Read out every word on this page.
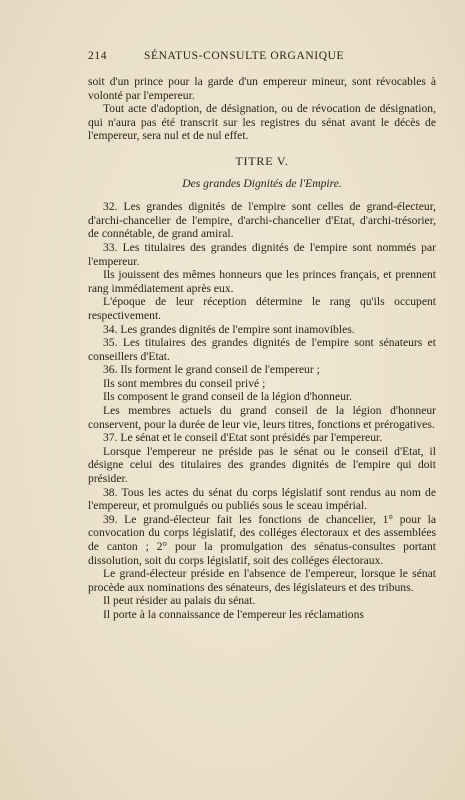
214	SÉNATUS-CONSULTE ORGANIQUE

soit d'un prince pour la garde d'un empereur mineur, sont révocables à volonté par l'empereur.

Tout acte d'adoption, de désignation, ou de révocation de désignation, qui n'aura pas été transcrit sur les registres du sénat avant le décès de l'empereur, sera nul et de nul effet.

TITRE V.

Des grandes Dignités de l'Empire.

32. Les grandes dignités de l'empire sont celles de grand-électeur, d'archi-chancelier de l'empire, d'archi-chancelier d'Etat, d'archi-trésorier, de connétable, de grand amiral.

33. Les titulaires des grandes dignités de l'empire sont nommés par l'empereur.

Ils jouissent des mêmes honneurs que les princes français, et prennent rang immédiatement après eux.

L'époque de leur réception détermine le rang qu'ils occupent respectivement.

34. Les grandes dignités de l'empire sont inamovibles.

35. Les titulaires des grandes dignités de l'empire sont sénateurs et conseillers d'Etat.

36. Ils forment le grand conseil de l'empereur ;

Ils sont membres du conseil privé ;

Ils composent le grand conseil de la légion d'honneur.

Les membres actuels du grand conseil de la légion d'honneur conservent, pour la durée de leur vie, leurs titres, fonctions et prérogatives.

37. Le sénat et le conseil d'Etat sont présidés par l'empereur.

Lorsque l'empereur ne préside pas le sénat ou le conseil d'Etat, il désigne celui des titulaires des grandes dignités de l'empire qui doit présider.

38. Tous les actes du sénat du corps législatif sont rendus au nom de l'empereur, et promulgués ou publiés sous le sceau impérial.

39. Le grand-électeur fait les fonctions de chancelier, 1° pour la convocation du corps législatif, des colléges électoraux et des assemblées de canton ; 2° pour la promulgation des sénatus-consultes portant dissolution, soit du corps législatif, soit des colléges électoraux.

Le grand-électeur préside en l'absence de l'empereur, lorsque le sénat procède aux nominations des sénateurs, des législateurs et des tribuns.

Il peut résider au palais du sénat.

Il porte à la connaissance de l'empereur les réclamations
